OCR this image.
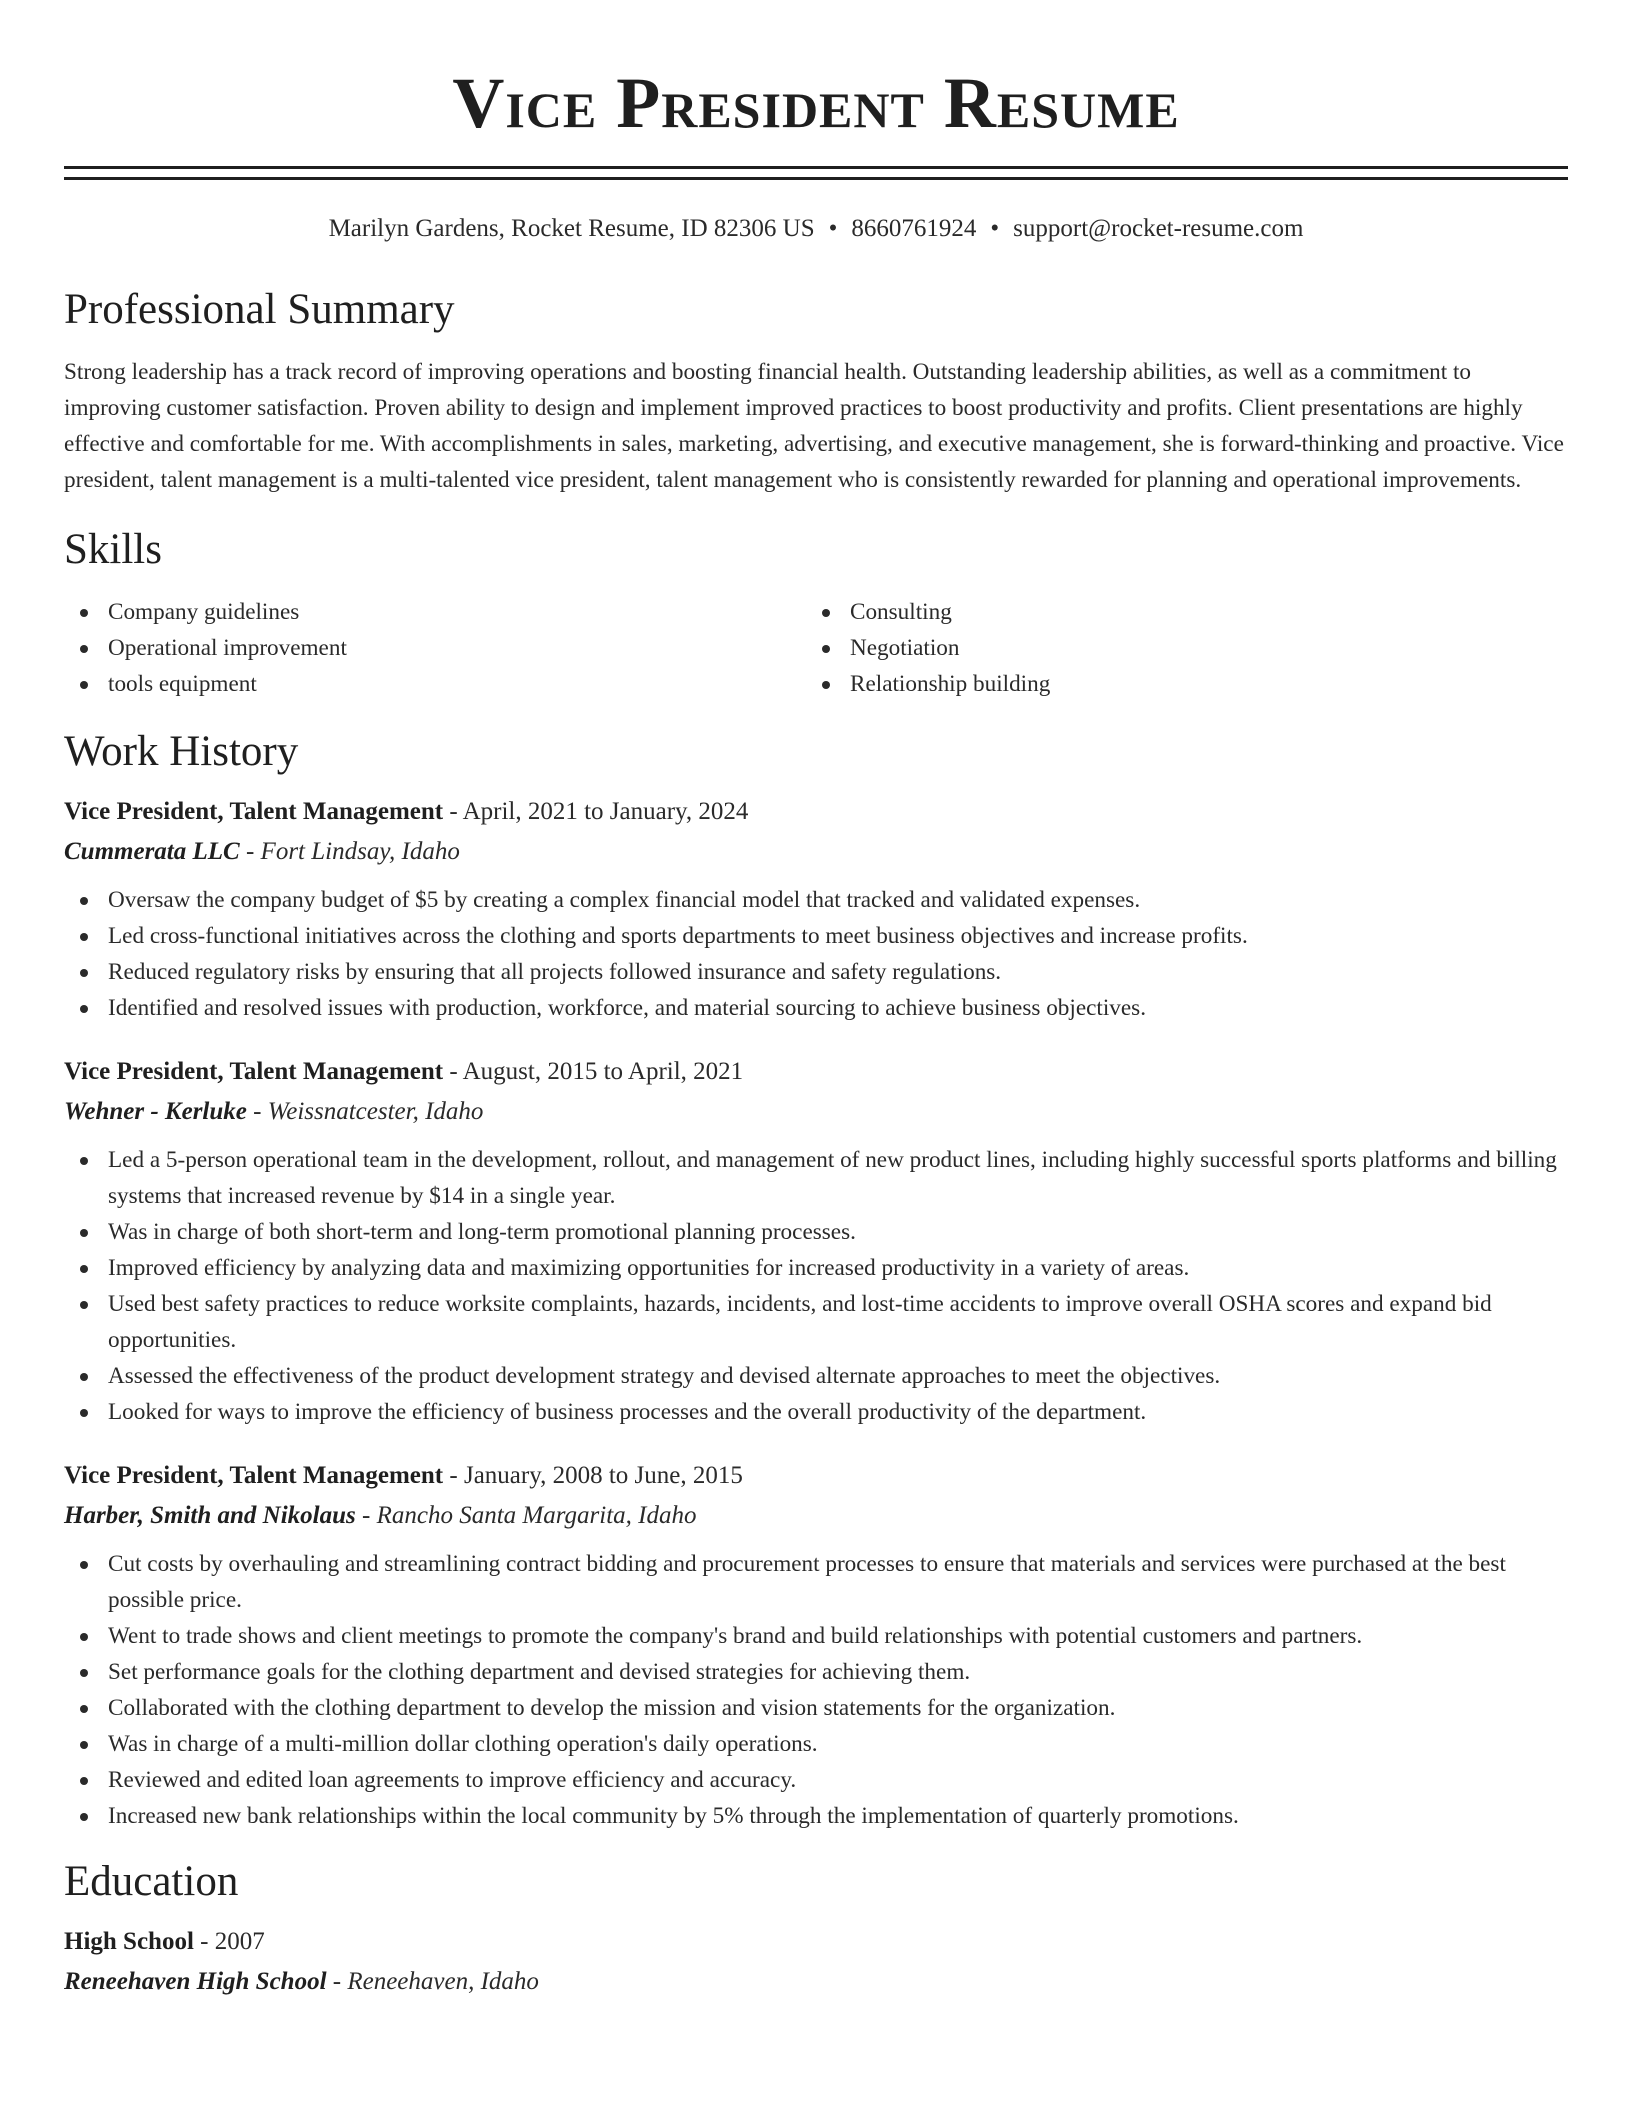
Vice President Resume
Marilyn Gardens, Rocket Resume, ID 82306 US • 8660761924 • support@rocket-resume.com
Professional Summary

Strong leadership has a track record of improving operations and boosting financial health. Outstanding leadership abilities, as well as a commitment to improving customer satisfaction. Proven ability to design and implement improved practices to boost productivity and profits. Client presentations are highly effective and comfortable for me. With accomplishments in sales, marketing, advertising, and executive management, she is forward-thinking and proactive. Vice president, talent management is a multi-talented vice president, talent management who is consistently rewarded for planning and operational improvements.

Skills
Company guidelines
Operational improvement
tools equipment
Consulting
Negotiation
Relationship building
Work History
Vice President, Talent Management - April, 2021 to January, 2024
Cummerata LLC - Fort Lindsay, Idaho
Oversaw the company budget of $5 by creating a complex financial model that tracked and validated expenses.
Led cross-functional initiatives across the clothing and sports departments to meet business objectives and increase profits.
Reduced regulatory risks by ensuring that all projects followed insurance and safety regulations.
Identified and resolved issues with production, workforce, and material sourcing to achieve business objectives.
Vice President, Talent Management - August, 2015 to April, 2021
Wehner - Kerluke - Weissnatcester, Idaho
Led a 5-person operational team in the development, rollout, and management of new product lines, including highly successful sports platforms and billing systems that increased revenue by $14 in a single year.
Was in charge of both short-term and long-term promotional planning processes.
Improved efficiency by analyzing data and maximizing opportunities for increased productivity in a variety of areas.
Used best safety practices to reduce worksite complaints, hazards, incidents, and lost-time accidents to improve overall OSHA scores and expand bid opportunities.
Assessed the effectiveness of the product development strategy and devised alternate approaches to meet the objectives.
Looked for ways to improve the efficiency of business processes and the overall productivity of the department.
Vice President, Talent Management - January, 2008 to June, 2015
Harber, Smith and Nikolaus - Rancho Santa Margarita, Idaho
Cut costs by overhauling and streamlining contract bidding and procurement processes to ensure that materials and services were purchased at the best possible price.
Went to trade shows and client meetings to promote the company's brand and build relationships with potential customers and partners.
Set performance goals for the clothing department and devised strategies for achieving them.
Collaborated with the clothing department to develop the mission and vision statements for the organization.
Was in charge of a multi-million dollar clothing operation's daily operations.
Reviewed and edited loan agreements to improve efficiency and accuracy.
Increased new bank relationships within the local community by 5% through the implementation of quarterly promotions.
Education
High School - 2007
Reneehaven High School - Reneehaven, Idaho
